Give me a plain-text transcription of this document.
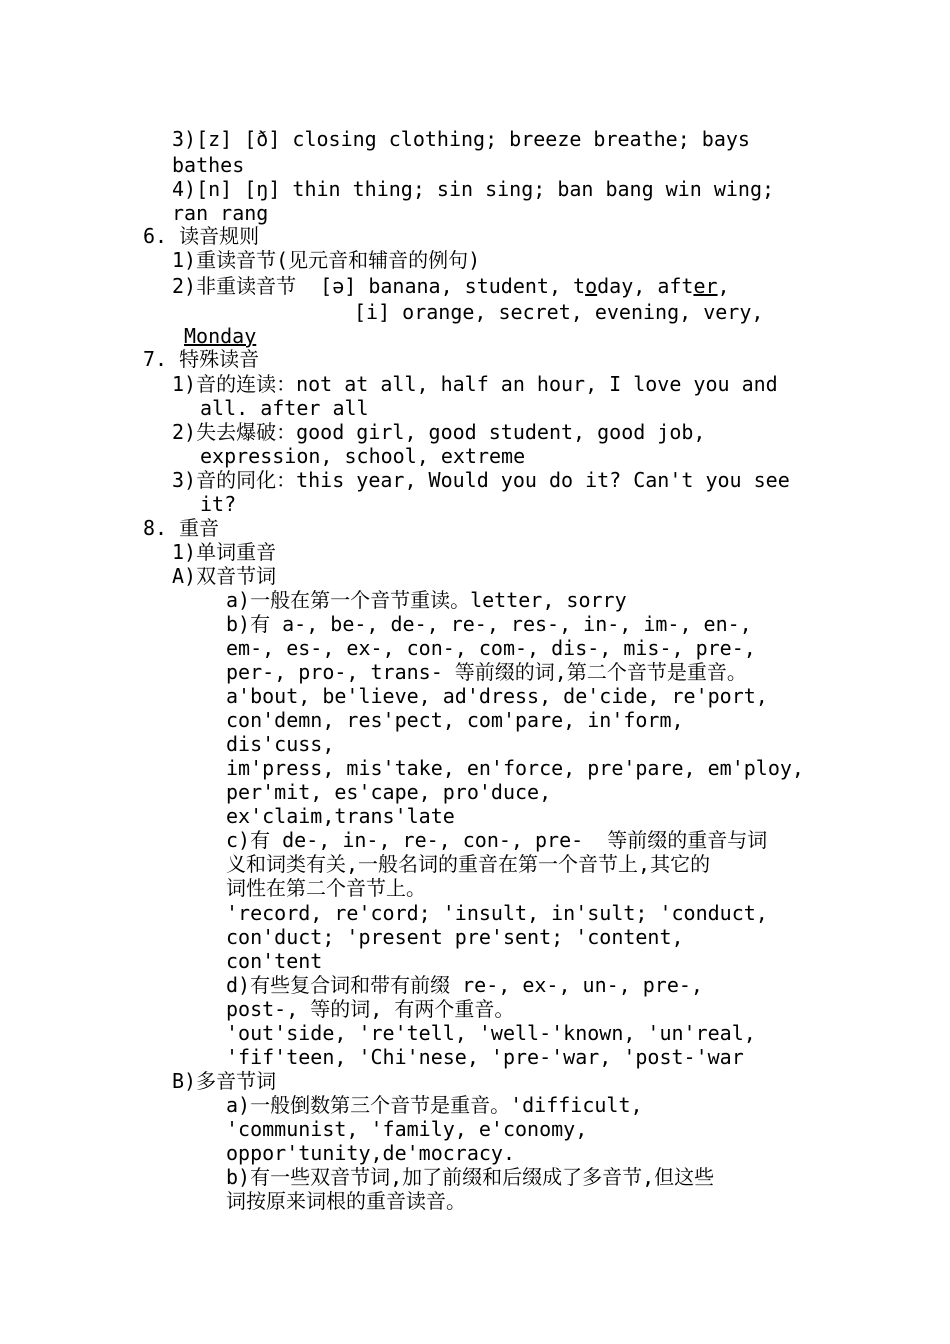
3)[z] [ð] closing clothing; breeze breathe; bays
bathes
4)[n] [ŋ] thin thing; sin sing; ban bang win wing;
ran rang
6. 读音规则
1)重读音节(见元音和辅音的例句)
2)非重读音节  [ə] banana, student, today, after,
[i] orange, secret, evening, very,
Monday
7. 特殊读音
1)音的连读：not at all, half an hour, I love you and
all. after all
2)失去爆破：good girl, good student, good job,
expression, school, extreme
3)音的同化：this year, Would you do it? Can't you see
it?
8. 重音
1)单词重音
A)双音节词
a)一般在第一个音节重读。letter, sorry
b)有 a-, be-, de-, re-, res-, in-, im-, en-,
em-, es-, ex-, con-, com-, dis-, mis-, pre-,
per-, pro-, trans- 等前缀的词,第二个音节是重音。
a'bout, be'lieve, ad'dress, de'cide, re'port,
con'demn, res'pect, com'pare, in'form,
dis'cuss,
im'press, mis'take, en'force, pre'pare, em'ploy,
per'mit, es'cape, pro'duce,
ex'claim,trans'late
c)有 de-, in-, re-, con-, pre-  等前缀的重音与词
义和词类有关,一般名词的重音在第一个音节上,其它的
词性在第二个音节上。
'record, re'cord; 'insult, in'sult; 'conduct,
con'duct; 'present pre'sent; 'content,
con'tent
d)有些复合词和带有前缀 re-, ex-, un-, pre-,
post-, 等的词, 有两个重音。
'out'side, 're'tell, 'well-'known, 'un'real,
'fif'teen, 'Chi'nese, 'pre-'war, 'post-'war
B)多音节词
a)一般倒数第三个音节是重音。'difficult,
'communist, 'family, e'conomy,
oppor'tunity,de'mocracy.
b)有一些双音节词,加了前缀和后缀成了多音节,但这些
词按原来词根的重音读音。
